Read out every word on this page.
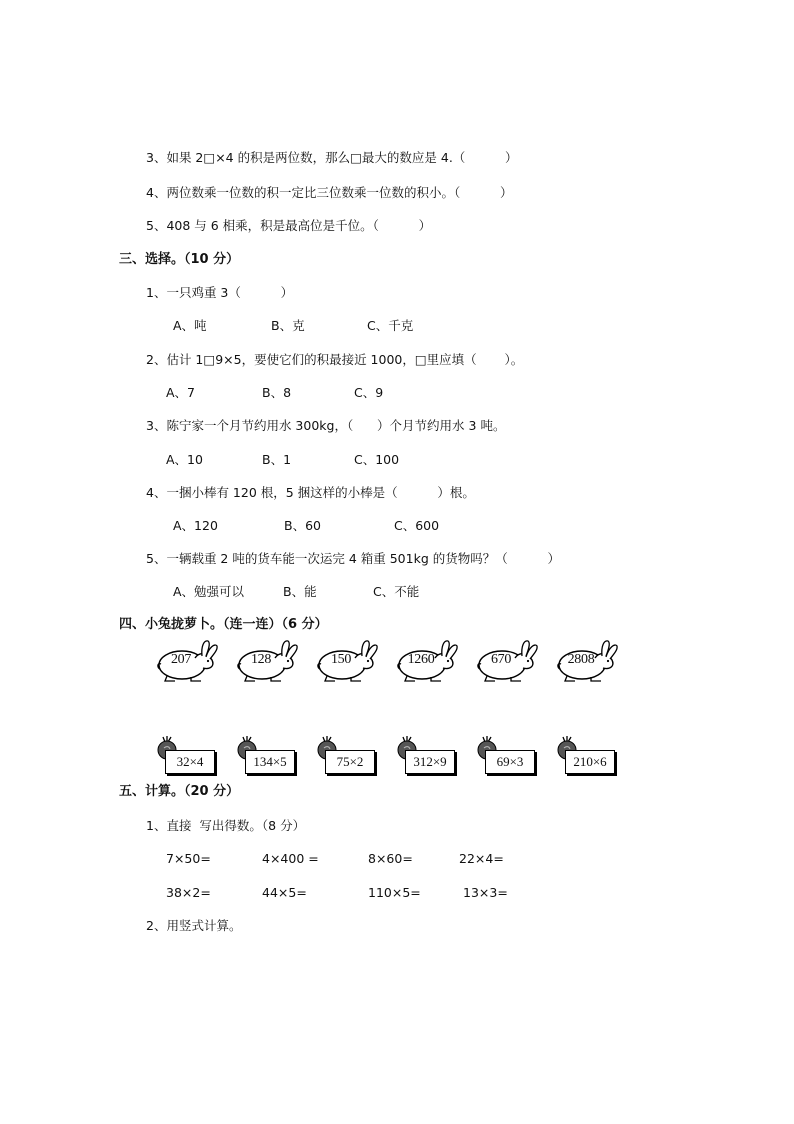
3、如果 2□×4 的积是两位数，那么□最大的数应是 4.（          ）
4、两位数乘一位数的积一定比三位数乘一位数的积小。（          ）
5、408 与 6 相乘，积是最高位是千位。（          ）
三、选择。（10 分）
1、一只鸡重 3（          ）
A、吨	B、克	C、千克
2、估计 1□9×5，要使它们的积最接近 1000，□里应填（       ）。
A、7	B、8	C、9
3、陈宁家一个月节约用水 300kg，（      ）个月节约用水 3 吨。
A、10	B、1	C、100
4、一捆小棒有 120 根，5 捆这样的小棒是（          ）根。
A、120	B、60	C、600
5、一辆载重 2 吨的货车能一次运完 4 箱重 501kg 的货物吗？（          ）
A、勉强可以	B、能	C、不能
四、小兔拢萝卜。（连一连）（6 分）
207	128	150	1260	670	2808
32×4	134×5	75×2	312×9	69×3	210×6
五、计算。（20 分）
1、直接  写出得数。（8 分）
7×50=	4×400 =	8×60=	22×4=
38×2=	44×5=	110×5=	13×3=
2、用竖式计算。
